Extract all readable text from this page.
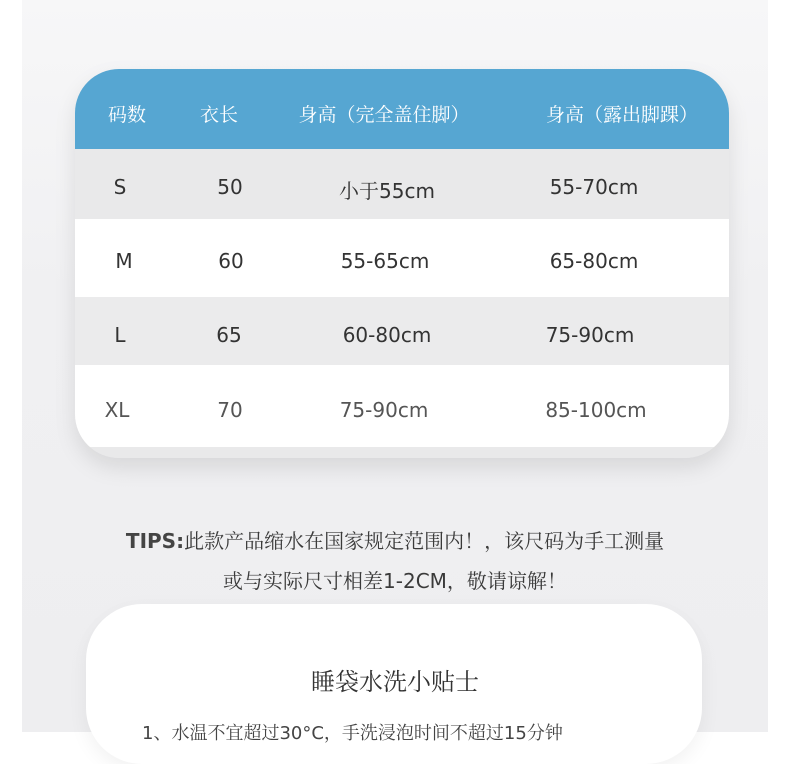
码数	衣长	身高（完全盖住脚）	身高（露出脚踝）
S	50	小于55cm	55-70cm
M	60	55-65cm	65-80cm
L	65	60-80cm	75-90cm
XL	70	75-90cm	85-100cm
TIPS:此款产品缩水在国家规定范围内！，该尺码为手工测量
或与实际尺寸相差1-2CM，敬请谅解！
睡袋水洗小贴士
1、水温不宜超过30°C，手洗浸泡时间不超过15分钟
